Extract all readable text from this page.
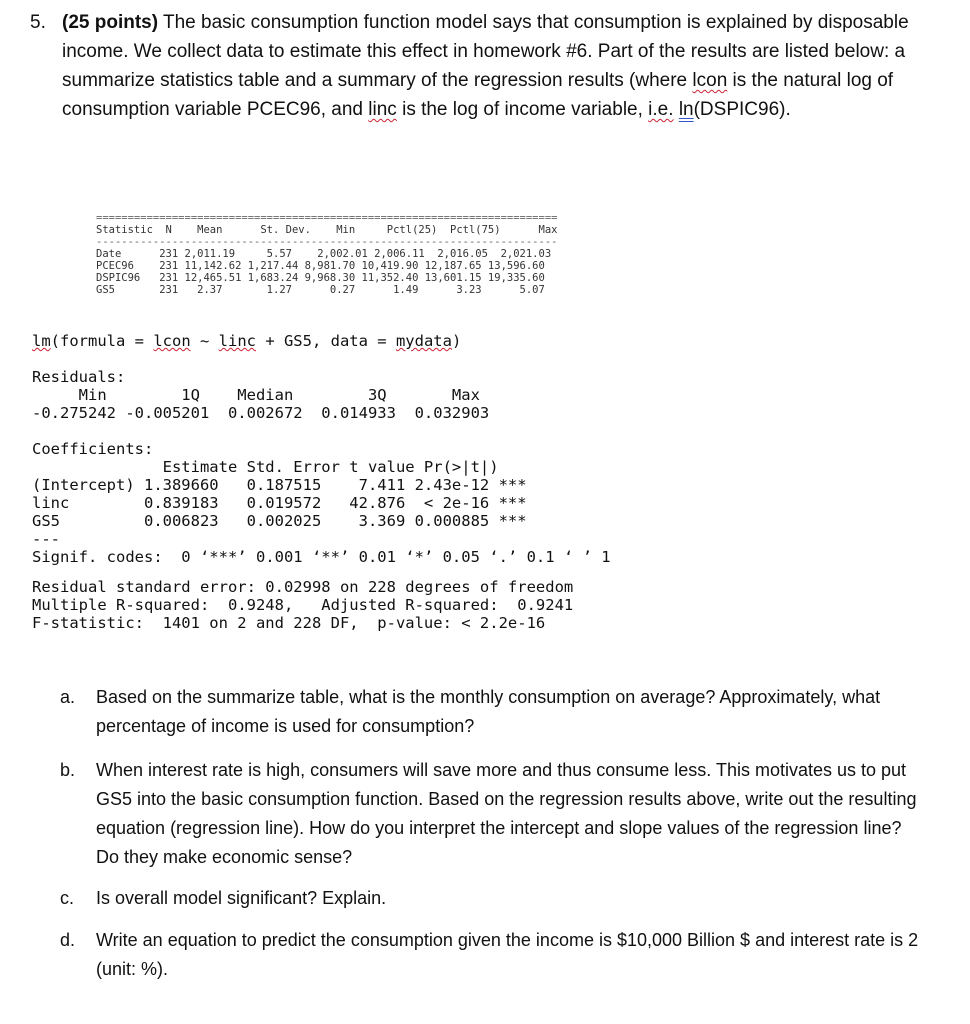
5. (25 points) The basic consumption function model says that consumption is explained by disposable income. We collect data to estimate this effect in homework #6. Part of the results are listed below: a summarize statistics table and a summary of the regression results (where lcon is the natural log of consumption variable PCEC96, and linc is the log of income variable, i.e. ln(DSPIC96).
=========================================================================
Statistic  N    Mean      St. Dev.    Min     Pctl(25)  Pctl(75)      Max
-------------------------------------------------------------------------
Date      231 2,011.19     5.57    2,002.01 2,006.11  2,016.05  2,021.03
PCEC96    231 11,142.62 1,217.44 8,981.70 10,419.90 12,187.65 13,596.60
DSPIC96   231 12,465.51 1,683.24 9,968.30 11,352.40 13,601.15 19,335.60
GS5       231   2.37       1.27      0.27      1.49      3.23      5.07
lm(formula = lcon ~ linc + GS5, data = mydata)
Residuals:
Min        1Q    Median        3Q       Max
-0.275242 -0.005201  0.002672  0.014933  0.032903
Coefficients:
Estimate Std. Error t value Pr(>|t|)
(Intercept) 1.389660   0.187515    7.411 2.43e-12 ***
linc        0.839183   0.019572   42.876  < 2e-16 ***
GS5         0.006823   0.002025    3.369 0.000885 ***
---
Signif. codes:  0 ‘***’ 0.001 ‘**’ 0.01 ‘*’ 0.05 ‘.’ 0.1 ‘ ’ 1
Residual standard error: 0.02998 on 228 degrees of freedom
Multiple R-squared:  0.9248,   Adjusted R-squared:  0.9241
F-statistic:  1401 on 2 and 228 DF,  p-value: < 2.2e-16
a. Based on the summarize table, what is the monthly consumption on average? Approximately, what percentage of income is used for consumption?
b. When interest rate is high, consumers will save more and thus consume less. This motivates us to put GS5 into the basic consumption function. Based on the regression results above, write out the resulting equation (regression line). How do you interpret the intercept and slope values of the regression line? Do they make economic sense?
c. Is overall model significant? Explain.
d. Write an equation to predict the consumption given the income is $10,000 Billion $ and interest rate is 2 (unit: %).
